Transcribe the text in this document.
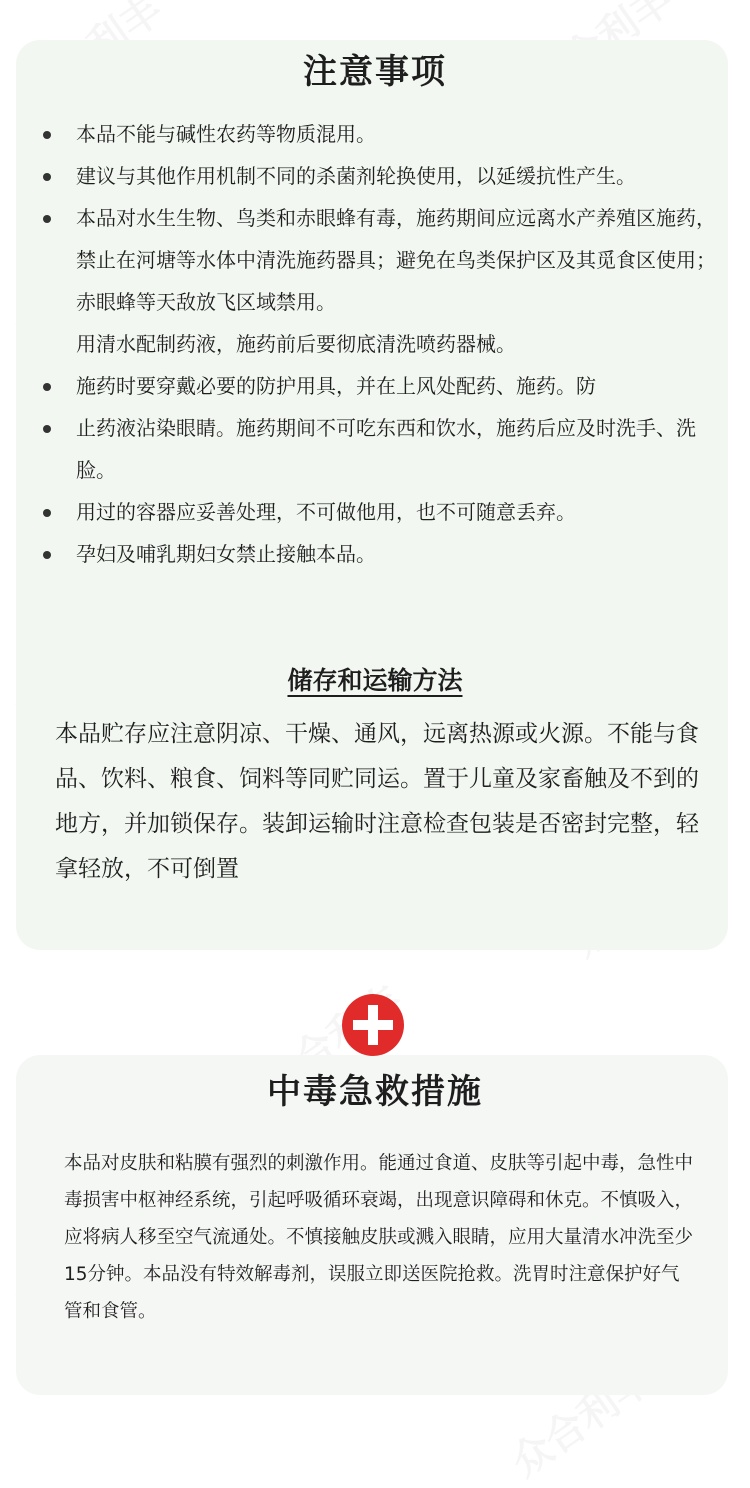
注意事项
本品不能与碱性农药等物质混用。
建议与其他作用机制不同的杀菌剂轮换使用，以延缓抗性产生。
本品对水生生物、鸟类和赤眼蜂有毒，施药期间应远离水产养殖区施药，禁止在河塘等水体中清洗施药器具；避免在鸟类保护区及其觅食区使用；赤眼蜂等天敌放飞区域禁用。
用清水配制药液，施药前后要彻底清洗喷药器械。
施药时要穿戴必要的防护用具，并在上风处配药、施药。防
止药液沾染眼睛。施药期间不可吃东西和饮水，施药后应及时洗手、洗脸。
用过的容器应妥善处理，不可做他用，也不可随意丢弃。
孕妇及哺乳期妇女禁止接触本品。
储存和运输方法
本品贮存应注意阴凉、干燥、通风，远离热源或火源。不能与食品、饮料、粮食、饲料等同贮同运。置于儿童及家畜触及不到的地方，并加锁保存。装卸运输时注意检查包装是否密封完整，轻拿轻放，不可倒置
中毒急救措施
本品对皮肤和粘膜有强烈的刺激作用。能通过食道、皮肤等引起中毒，急性中毒损害中枢神经系统，引起呼吸循环衰竭，出现意识障碍和休克。不慎吸入，应将病人移至空气流通处。不慎接触皮肤或溅入眼睛，应用大量清水冲洗至少15分钟。本品没有特效解毒剂，误服立即送医院抢救。洗胃时注意保护好气管和食管。
